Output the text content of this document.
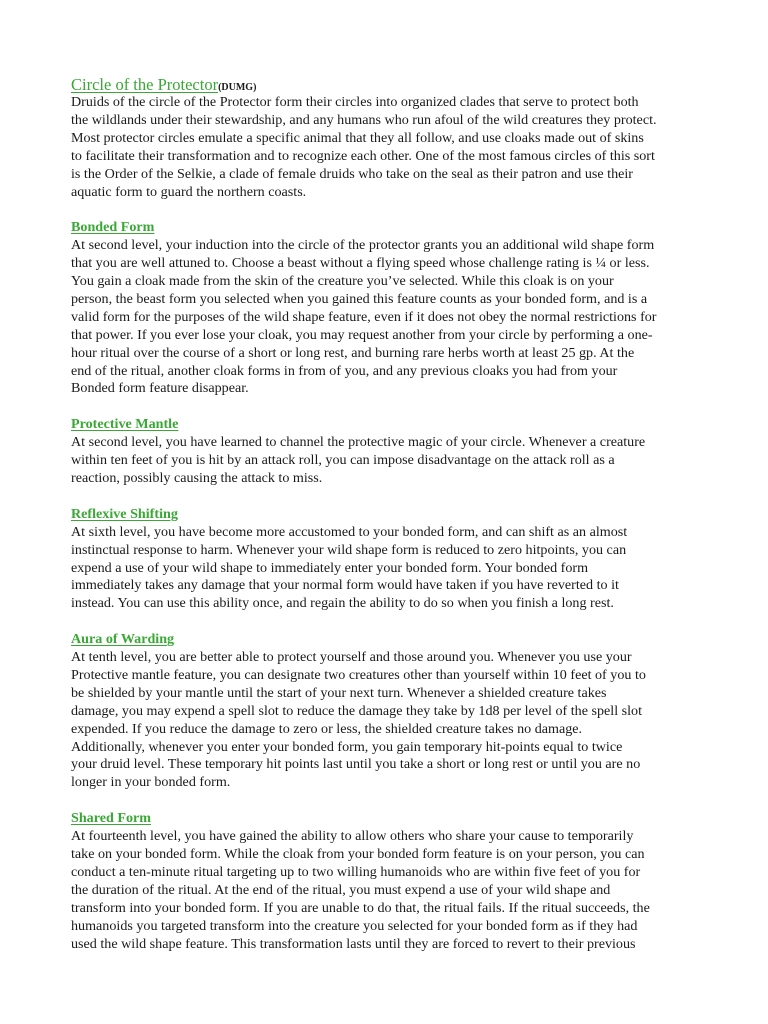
Circle of the Protector(DUMG)

Druids of the circle of the Protector form their circles into organized clades that serve to protect both
the wildlands under their stewardship, and any humans who run afoul of the wild creatures they protect.
Most protector circles emulate a specific animal that they all follow, and use cloaks made out of skins
to facilitate their transformation and to recognize each other. One of the most famous circles of this sort
is the Order of the Selkie, a clade of female druids who take on the seal as their patron and use their
aquatic form to guard the northern coasts.

Bonded Form

At second level, your induction into the circle of the protector grants you an additional wild shape form
that you are well attuned to. Choose a beast without a flying speed whose challenge rating is ¼ or less.
You gain a cloak made from the skin of the creature you’ve selected. While this cloak is on your
person, the beast form you selected when you gained this feature counts as your bonded form, and is a
valid form for the purposes of the wild shape feature, even if it does not obey the normal restrictions for
that power. If you ever lose your cloak, you may request another from your circle by performing a one-
hour ritual over the course of a short or long rest, and burning rare herbs worth at least 25 gp. At the
end of the ritual, another cloak forms in from of you, and any previous cloaks you had from your
Bonded form feature disappear.

Protective Mantle

At second level, you have learned to channel the protective magic of your circle. Whenever a creature
within ten feet of you is hit by an attack roll, you can impose disadvantage on the attack roll as a
reaction, possibly causing the attack to miss.

Reflexive Shifting

At sixth level, you have become more accustomed to your bonded form, and can shift as an almost
instinctual response to harm. Whenever your wild shape form is reduced to zero hitpoints, you can
expend a use of your wild shape to immediately enter your bonded form. Your bonded form
immediately takes any damage that your normal form would have taken if you have reverted to it
instead. You can use this ability once, and regain the ability to do so when you finish a long rest.

Aura of Warding

At tenth level, you are better able to protect yourself and those around you. Whenever you use your
Protective mantle feature, you can designate two creatures other than yourself within 10 feet of you to
be shielded by your mantle until the start of your next turn. Whenever a shielded creature takes
damage, you may expend a spell slot to reduce the damage they take by 1d8 per level of the spell slot
expended. If you reduce the damage to zero or less, the shielded creature takes no damage.
Additionally, whenever you enter your bonded form, you gain temporary hit-points equal to twice
your druid level. These temporary hit points last until you take a short or long rest or until you are no
longer in your bonded form.

Shared Form

At fourteenth level, you have gained the ability to allow others who share your cause to temporarily
take on your bonded form. While the cloak from your bonded form feature is on your person, you can
conduct a ten-minute ritual targeting up to two willing humanoids who are within five feet of you for
the duration of the ritual. At the end of the ritual, you must expend a use of your wild shape and
transform into your bonded form. If you are unable to do that, the ritual fails. If the ritual succeeds, the
humanoids you targeted transform into the creature you selected for your bonded form as if they had
used the wild shape feature. This transformation lasts until they are forced to revert to their previous
